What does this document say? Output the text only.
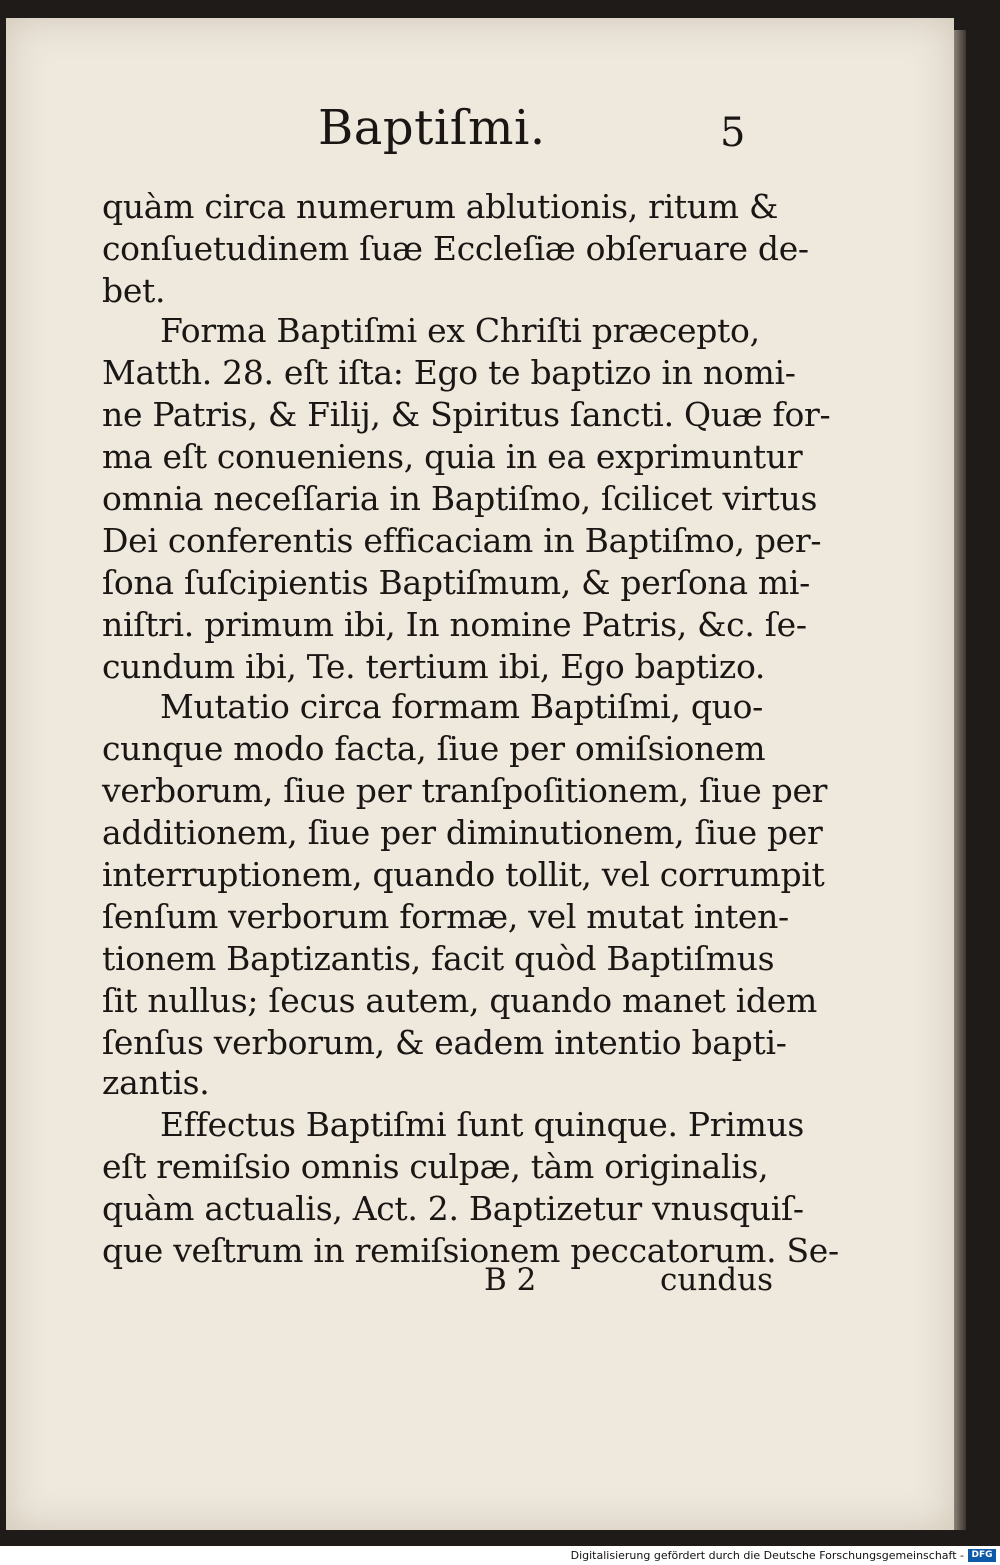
Baptiſmi.	5
quàm circa numerum ablutionis, ritum &
conſuetudinem ſuæ Eccleſiæ obſeruare de-
bet.
Forma Baptiſmi ex Chriſti præcepto,
Matth. 28. eſt iſta: Ego te baptizo in nomi-
ne Patris, & Filij, & Spiritus ſancti. Quæ for-
ma eſt conueniens, quia in ea exprimuntur
omnia neceſſaria in Baptiſmo, ſcilicet virtus
Dei conferentis efficaciam in Baptiſmo, per-
ſona ſuſcipientis Baptiſmum, & perſona mi-
niſtri. primum ibi, In nomine Patris, &c. ſe-
cundum ibi, Te. tertium ibi, Ego baptizo.
Mutatio circa formam Baptiſmi, quo-
cunque modo facta, ſiue per omiſsionem
verborum, ſiue per tranſpoſitionem, ſiue per
additionem, ſiue per diminutionem, ſiue per
interruptionem, quando tollit, vel corrumpit
ſenſum verborum formæ, vel mutat inten-
tionem Baptizantis, facit quòd Baptiſmus
ſit nullus; ſecus autem, quando manet idem
ſenſus verborum, & eadem intentio bapti-
zantis.
Effectus Baptiſmi ſunt quinque. Primus
eſt remiſsio omnis culpæ, tàm originalis,
quàm actualis, Act. 2. Baptizetur vnusquiſ-
que veſtrum in remiſsionem peccatorum. Se-
B 2	cundus
Digitalisierung gefördert durch die Deutsche Forschungsgemeinschaft - DFG
